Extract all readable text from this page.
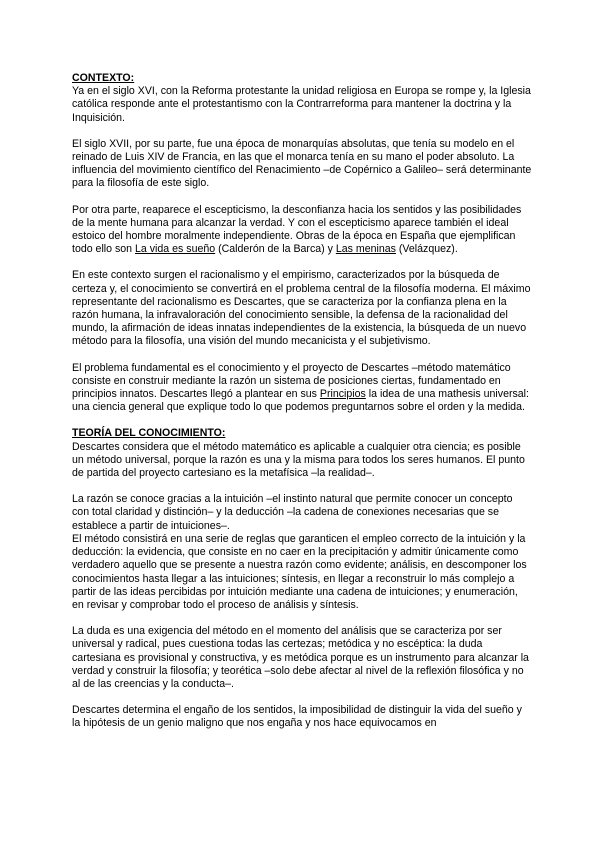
CONTEXTO:

Ya en el siglo XVI, con la Reforma protestante la unidad religiosa en Europa se rompe y, la Iglesia católica responde ante el protestantismo con la Contrarreforma para mantener la doctrina y la Inquisición.

El siglo XVII, por su parte, fue una época de monarquías absolutas, que tenía su modelo en el reinado de Luis XIV de Francia, en las que el monarca tenía en su mano el poder absoluto. La influencia del movimiento científico del Renacimiento –de Copérnico a Galileo– será determinante para la filosofía de este siglo.

Por otra parte, reaparece el escepticismo, la desconfianza hacia los sentidos y las posibilidades de la mente humana para alcanzar la verdad. Y con el escepticismo aparece también el ideal estoico del hombre moralmente independiente. Obras de la época en España que ejemplifican todo ello son La vida es sueño (Calderón de la Barca) y Las meninas (Velázquez).

En este contexto surgen el racionalismo y el empirismo, caracterizados por la búsqueda de certeza y, el conocimiento se convertirá en el problema central de la filosofía moderna. El máximo representante del racionalismo es Descartes, que se caracteriza por la confianza plena en la razón humana, la infravaloración del conocimiento sensible, la defensa de la racionalidad del mundo, la afirmación de ideas innatas independientes de la existencia, la búsqueda de un nuevo método para la filosofía, una visión del mundo mecanicista y el subjetivismo.

El problema fundamental es el conocimiento y el proyecto de Descartes –método matemático consiste en construir mediante la razón un sistema de posiciones ciertas, fundamentado en principios innatos. Descartes llegó a plantear en sus Principios la idea de una mathesis universal: una ciencia general que explique todo lo que podemos preguntarnos sobre el orden y la medida.

TEORÍA DEL CONOCIMIENTO:

Descartes considera que el método matemático es aplicable a cualquier otra ciencia; es posible un método universal, porque la razón es una y la misma para todos los seres humanos. El punto de partida del proyecto cartesiano es la metafísica –la realidad–.

La razón se conoce gracias a la intuición –el instinto natural que permite conocer un concepto con total claridad y distinción– y la deducción –la cadena de conexiones necesarias que se establece a partir de intuiciones–.

El método consistirá en una serie de reglas que garanticen el empleo correcto de la intuición y la deducción: la evidencia, que consiste en no caer en la precipitación y admitir únicamente como verdadero aquello que se presente a nuestra razón como evidente; análisis, en descomponer los conocimientos hasta llegar a las intuiciones; síntesis, en llegar a reconstruir lo más complejo a partir de las ideas percibidas por intuición mediante una cadena de intuiciones; y enumeración, en revisar y comprobar todo el proceso de análisis y síntesis.

La duda es una exigencia del método en el momento del análisis que se caracteriza por ser universal y radical, pues cuestiona todas las certezas; metódica y no escéptica: la duda cartesiana es provisional y constructiva, y es metódica porque es un instrumento para alcanzar la verdad y construir la filosofía; y teorética –solo debe afectar al nivel de la reflexión filosófica y no al de las creencias y la conducta–.

Descartes determina el engaño de los sentidos, la imposibilidad de distinguir la vida del sueño y la hipótesis de un genio maligno que nos engaña y nos hace equivocamos en
